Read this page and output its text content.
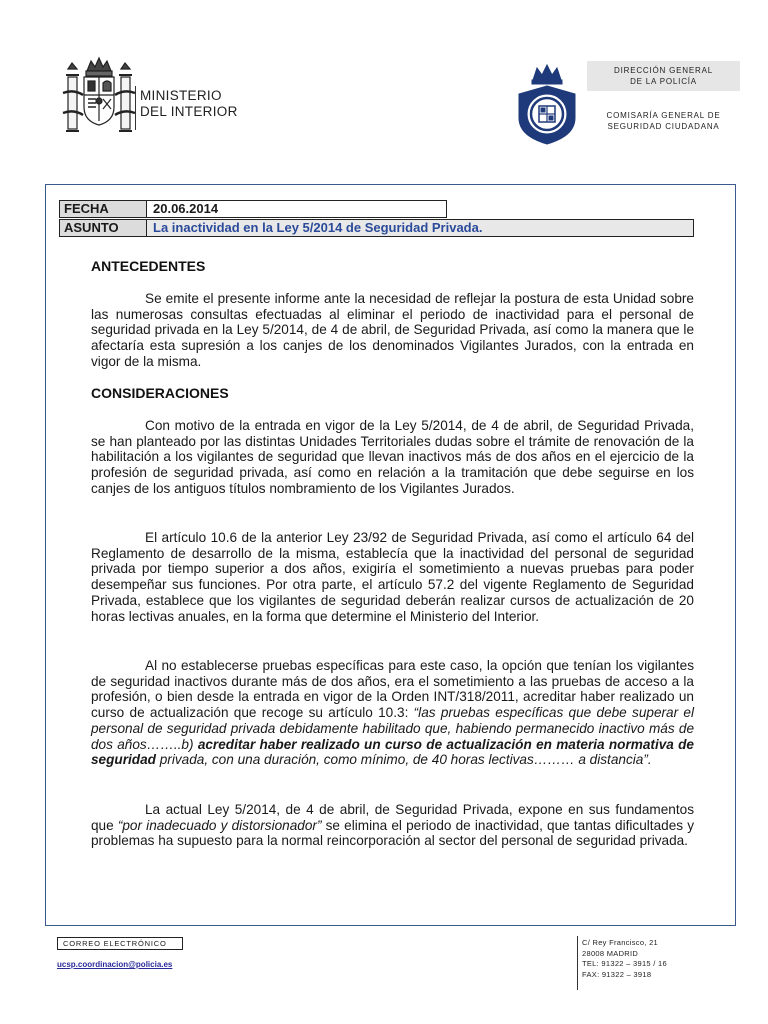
MINISTERIO
DEL INTERIOR
DIRECCIÓN GENERAL
DE LA POLICÍA
COMISARÍA GENERAL DE
SEGURIDAD CIUDADANA
FECHA	20.06.2014
ASUNTO	La inactividad en la Ley 5/2014 de Seguridad Privada.
ANTECEDENTES
Se emite el presente informe ante la necesidad de reflejar la postura de esta Unidad sobre las numerosas consultas efectuadas al eliminar el periodo de inactividad para el personal de seguridad privada en la Ley 5/2014, de 4 de abril, de Seguridad Privada, así como la manera que le afectaría esta supresión a los canjes de los denominados Vigilantes Jurados, con la entrada en vigor de la misma.
CONSIDERACIONES
Con motivo de la entrada en vigor de la Ley 5/2014, de 4 de abril, de Seguridad Privada, se han planteado por las distintas Unidades Territoriales dudas sobre el trámite de renovación de la habilitación a los vigilantes de seguridad que llevan inactivos más de dos años en el ejercicio de la profesión de seguridad privada, así como en relación a la tramitación que debe seguirse en los canjes de los antiguos títulos nombramiento de los Vigilantes Jurados.
El artículo 10.6 de la anterior Ley 23/92 de Seguridad Privada, así como el artículo 64 del Reglamento de desarrollo de la misma, establecía que la inactividad del personal de seguridad privada por tiempo superior a dos años, exigiría el sometimiento a nuevas pruebas para poder desempeñar sus funciones. Por otra parte, el artículo 57.2 del vigente Reglamento de Seguridad Privada, establece que los vigilantes de seguridad deberán realizar cursos de actualización de 20 horas lectivas anuales, en la forma que determine el Ministerio del Interior.
Al no establecerse pruebas específicas para este caso, la opción que tenían los vigilantes de seguridad inactivos durante más de dos años, era el sometimiento a las pruebas de acceso a la profesión, o bien desde la entrada en vigor de la Orden INT/318/2011, acreditar haber realizado un curso de actualización que recoge su artículo 10.3: “las pruebas específicas que debe superar el personal de seguridad privada debidamente habilitado que, habiendo permanecido inactivo más de dos años……..b) acreditar haber realizado un curso de actualización en materia normativa de seguridad privada, con una duración, como mínimo, de 40 horas lectivas……… a distancia”.
La actual Ley 5/2014, de 4 de abril, de Seguridad Privada, expone en sus fundamentos que “por inadecuado y distorsionador” se elimina el periodo de inactividad, que tantas dificultades y problemas ha supuesto para la normal reincorporación al sector del personal de seguridad privada.
CORREO ELECTRÓNICO
ucsp.coordinacion@policia.es
C/ Rey Francisco, 21
28008 MADRID
TEL: 91322 – 3915 / 16
FAX: 91322 – 3918
